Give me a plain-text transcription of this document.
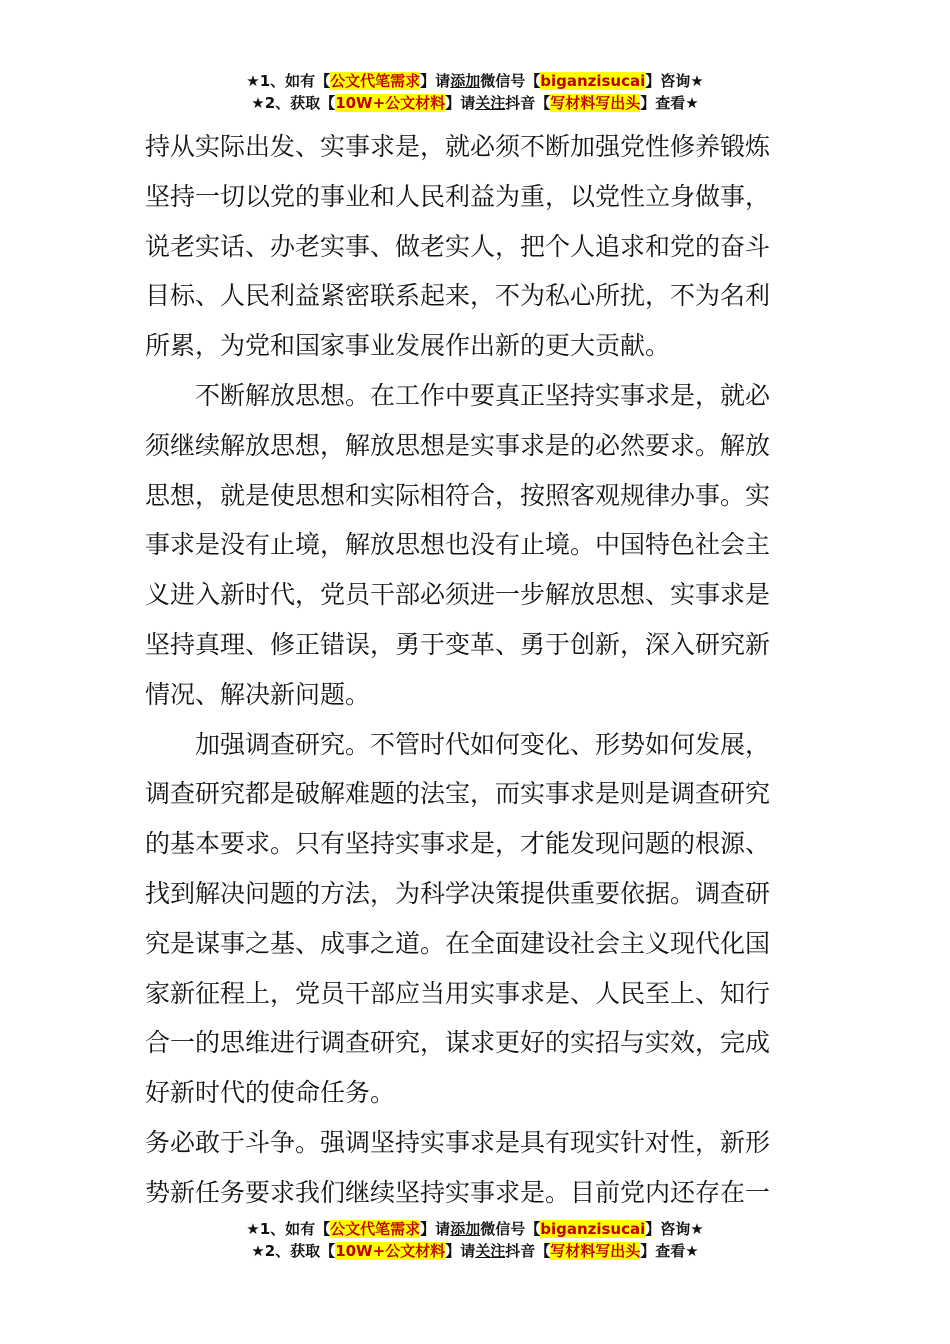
★1、如有【公文代笔需求】请添加微信号【biganzisucai】咨询★
★2、获取【10W+公文材料】请关注抖音【写材料写出头】查看★
持从实际出发、实事求是，就必须不断加强党性修养锻炼
坚持一切以党的事业和人民利益为重，以党性立身做事，
说老实话、办老实事、做老实人，把个人追求和党的奋斗
目标、人民利益紧密联系起来，不为私心所扰，不为名利
所累，为党和国家事业发展作出新的更大贡献。
不断解放思想。在工作中要真正坚持实事求是，就必
须继续解放思想，解放思想是实事求是的必然要求。解放
思想，就是使思想和实际相符合，按照客观规律办事。实
事求是没有止境，解放思想也没有止境。中国特色社会主
义进入新时代，党员干部必须进一步解放思想、实事求是
坚持真理、修正错误，勇于变革、勇于创新，深入研究新
情况、解决新问题。
加强调查研究。不管时代如何变化、形势如何发展，
调查研究都是破解难题的法宝，而实事求是则是调查研究
的基本要求。只有坚持实事求是，才能发现问题的根源、
找到解决问题的方法，为科学决策提供重要依据。调查研
究是谋事之基、成事之道。在全面建设社会主义现代化国
家新征程上，党员干部应当用实事求是、人民至上、知行
合一的思维进行调查研究，谋求更好的实招与实效，完成
好新时代的使命任务。
务必敢于斗争。强调坚持实事求是具有现实针对性，新形
势新任务要求我们继续坚持实事求是。目前党内还存在一
★1、如有【公文代笔需求】请添加微信号【biganzisucai】咨询★
★2、获取【10W+公文材料】请关注抖音【写材料写出头】查看★
